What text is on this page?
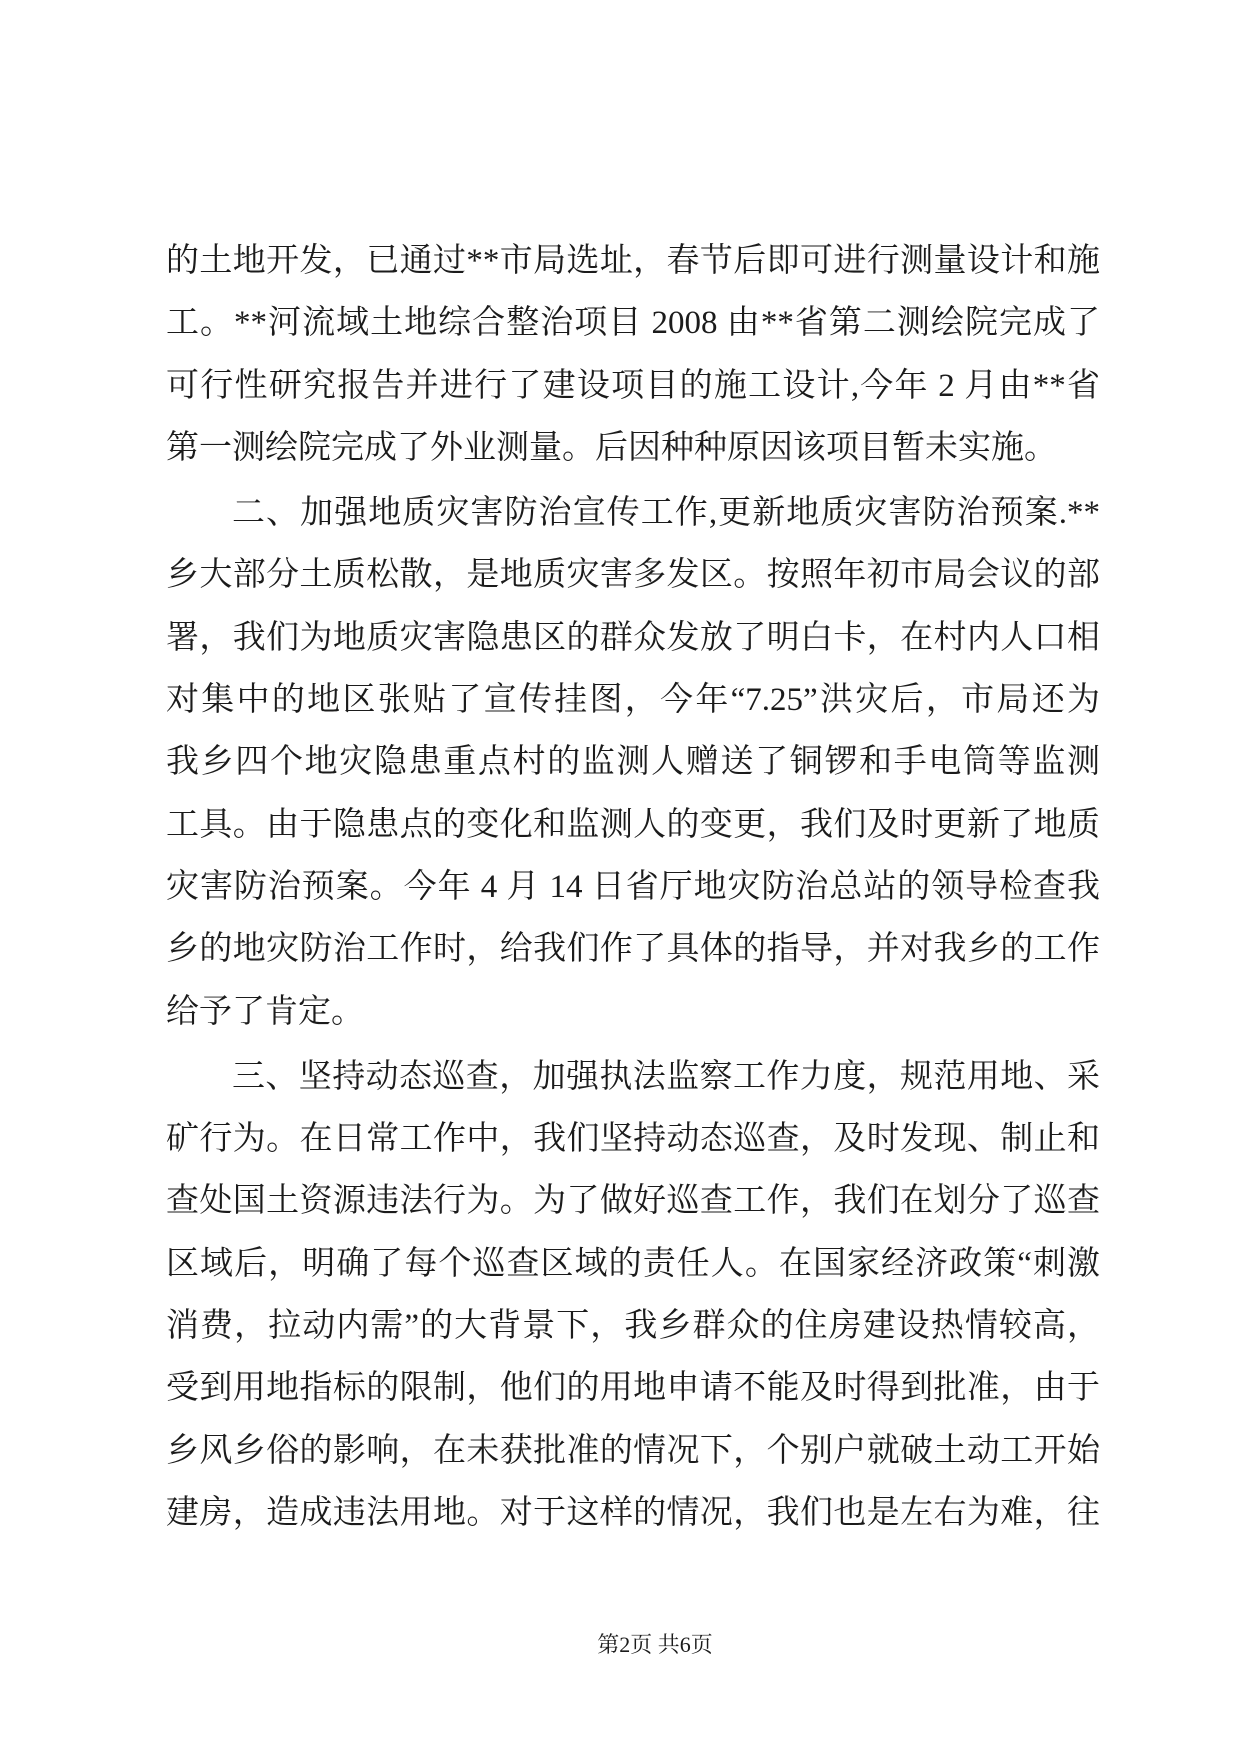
的土地开发，已通过**市局选址，春节后即可进行测量设计和施
工。**河流域土地综合整治项目 2008 由**省第二测绘院完成了
可行性研究报告并进行了建设项目的施工设计,今年 2 月由**省
第一测绘院完成了外业测量。后因种种原因该项目暂未实施。
二、加强地质灾害防治宣传工作,更新地质灾害防治预案.**
乡大部分土质松散，是地质灾害多发区。按照年初市局会议的部
署，我们为地质灾害隐患区的群众发放了明白卡，在村内人口相
对集中的地区张贴了宣传挂图，今年“7.25”洪灾后，市局还为
我乡四个地灾隐患重点村的监测人赠送了铜锣和手电筒等监测
工具。由于隐患点的变化和监测人的变更，我们及时更新了地质
灾害防治预案。今年 4 月 14 日省厅地灾防治总站的领导检查我
乡的地灾防治工作时，给我们作了具体的指导，并对我乡的工作
给予了肯定。
三、坚持动态巡查，加强执法监察工作力度，规范用地、采
矿行为。在日常工作中，我们坚持动态巡查，及时发现、制止和
查处国土资源违法行为。为了做好巡查工作，我们在划分了巡查
区域后，明确了每个巡查区域的责任人。在国家经济政策“刺激
消费，拉动内需”的大背景下，我乡群众的住房建设热情较高，
受到用地指标的限制，他们的用地申请不能及时得到批准，由于
乡风乡俗的影响，在未获批准的情况下，个别户就破土动工开始
建房，造成违法用地。对于这样的情况，我们也是左右为难，往
第2页 共6页
